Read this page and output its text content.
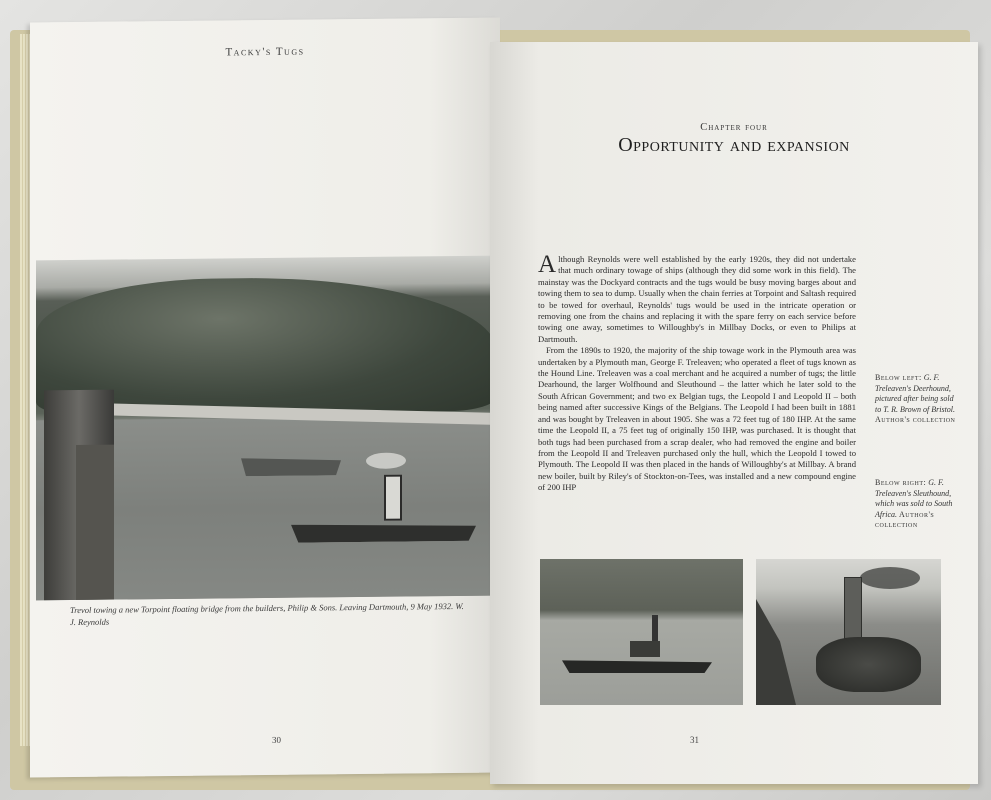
Tacky's Tugs
Trevol towing a new Torpoint floating bridge from the builders, Philip & Sons. Leaving Dartmouth, 9 May 1932. W. J. Reynolds
30
Chapter four
Opportunity and expansion

Although Reynolds were well established by the early 1920s, they did not undertake that much ordinary towage of ships (although they did some work in this field). The mainstay was the Dockyard contracts and the tugs would be busy moving barges about and towing them to sea to dump. Usually when the chain ferries at Torpoint and Saltash required to be towed for overhaul, Reynolds' tugs would be used in the intricate operation or removing one from the chains and replacing it with the spare ferry on each service before towing one away, sometimes to Willoughby's in Millbay Docks, or even to Philips at Dartmouth.

From the 1890s to 1920, the majority of the ship towage work in the Plymouth area was undertaken by a Plymouth man, George F. Treleaven; who operated a fleet of tugs known as the Hound Line. Treleaven was a coal merchant and he acquired a number of tugs; the little Dearhound, the larger Wolfhound and Sleuthound – the latter which he later sold to the South African Government; and two ex Belgian tugs, the Leopold I and Leopold II – both being named after successive Kings of the Belgians. The Leopold I had been built in 1881 and was bought by Treleaven in about 1905. She was a 72 feet tug of 180 IHP. At the same time the Leopold II, a 75 feet tug of originally 150 IHP, was purchased. It is thought that both tugs had been purchased from a scrap dealer, who had removed the engine and boiler from the Leopold II and Treleaven purchased only the hull, which the Leopold I towed to Plymouth. The Leopold II was then placed in the hands of Willoughby's at Millbay. A brand new boiler, built by Riley's of Stockton-on-Tees, was installed and a new compound engine of 200 IHP

Below left: G. F. Treleaven's Deerhound, pictured after being sold to T. R. Brown of Bristol. Author's collection
Below right: G. F. Treleaven's Sleuthound, which was sold to South Africa. Author's collection
31
